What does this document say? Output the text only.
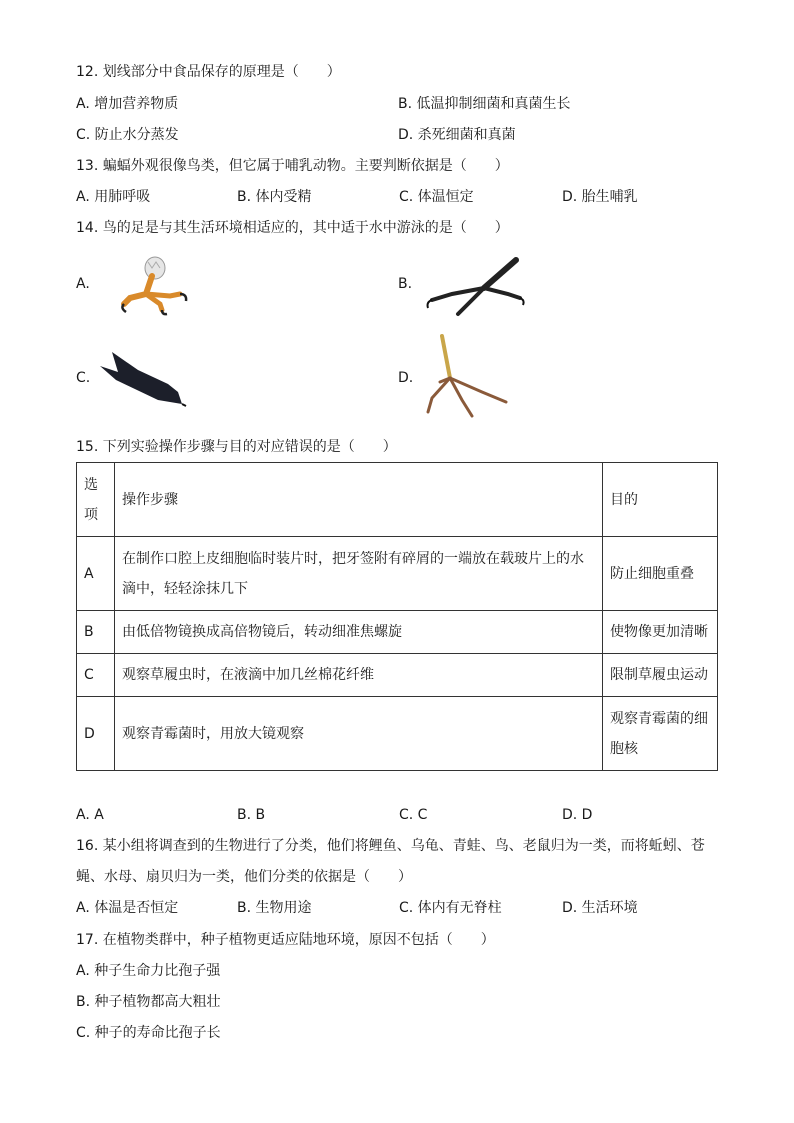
12. 划线部分中食品保存的原理是（　　）
A. 增加营养物质	B. 低温抑制细菌和真菌生长
C. 防止水分蒸发	D. 杀死细菌和真菌
13. 蝙蝠外观很像鸟类，但它属于哺乳动物。主要判断依据是（　　）
A. 用肺呼吸	B. 体内受精	C. 体温恒定	D. 胎生哺乳
14. 鸟的足是与其生活环境相适应的，其中适于水中游泳的是（　　）
A.	B.
C.	D.
15. 下列实验操作步骤与目的对应错误的是（　　）
选项	操作步骤	目的
A	在制作口腔上皮细胞临时装片时，把牙签附有碎屑的一端放在载玻片上的水滴中，轻轻涂抹几下	防止细胞重叠
B	由低倍物镜换成高倍物镜后，转动细准焦螺旋	使物像更加清晰
C	观察草履虫时，在液滴中加几丝棉花纤维	限制草履虫运动
D	观察青霉菌时，用放大镜观察	观察青霉菌的细胞核
A. A	B. B	C. C	D. D
16. 某小组将调查到的生物进行了分类，他们将鲤鱼、乌龟、青蛙、鸟、老鼠归为一类，而将蚯蚓、苍
蝇、水母、扇贝归为一类，他们分类的依据是（　　）
A. 体温是否恒定	B. 生物用途	C. 体内有无脊柱	D. 生活环境
17. 在植物类群中，种子植物更适应陆地环境，原因不包括（　　）
A. 种子生命力比孢子强
B. 种子植物都高大粗壮
C. 种子的寿命比孢子长
